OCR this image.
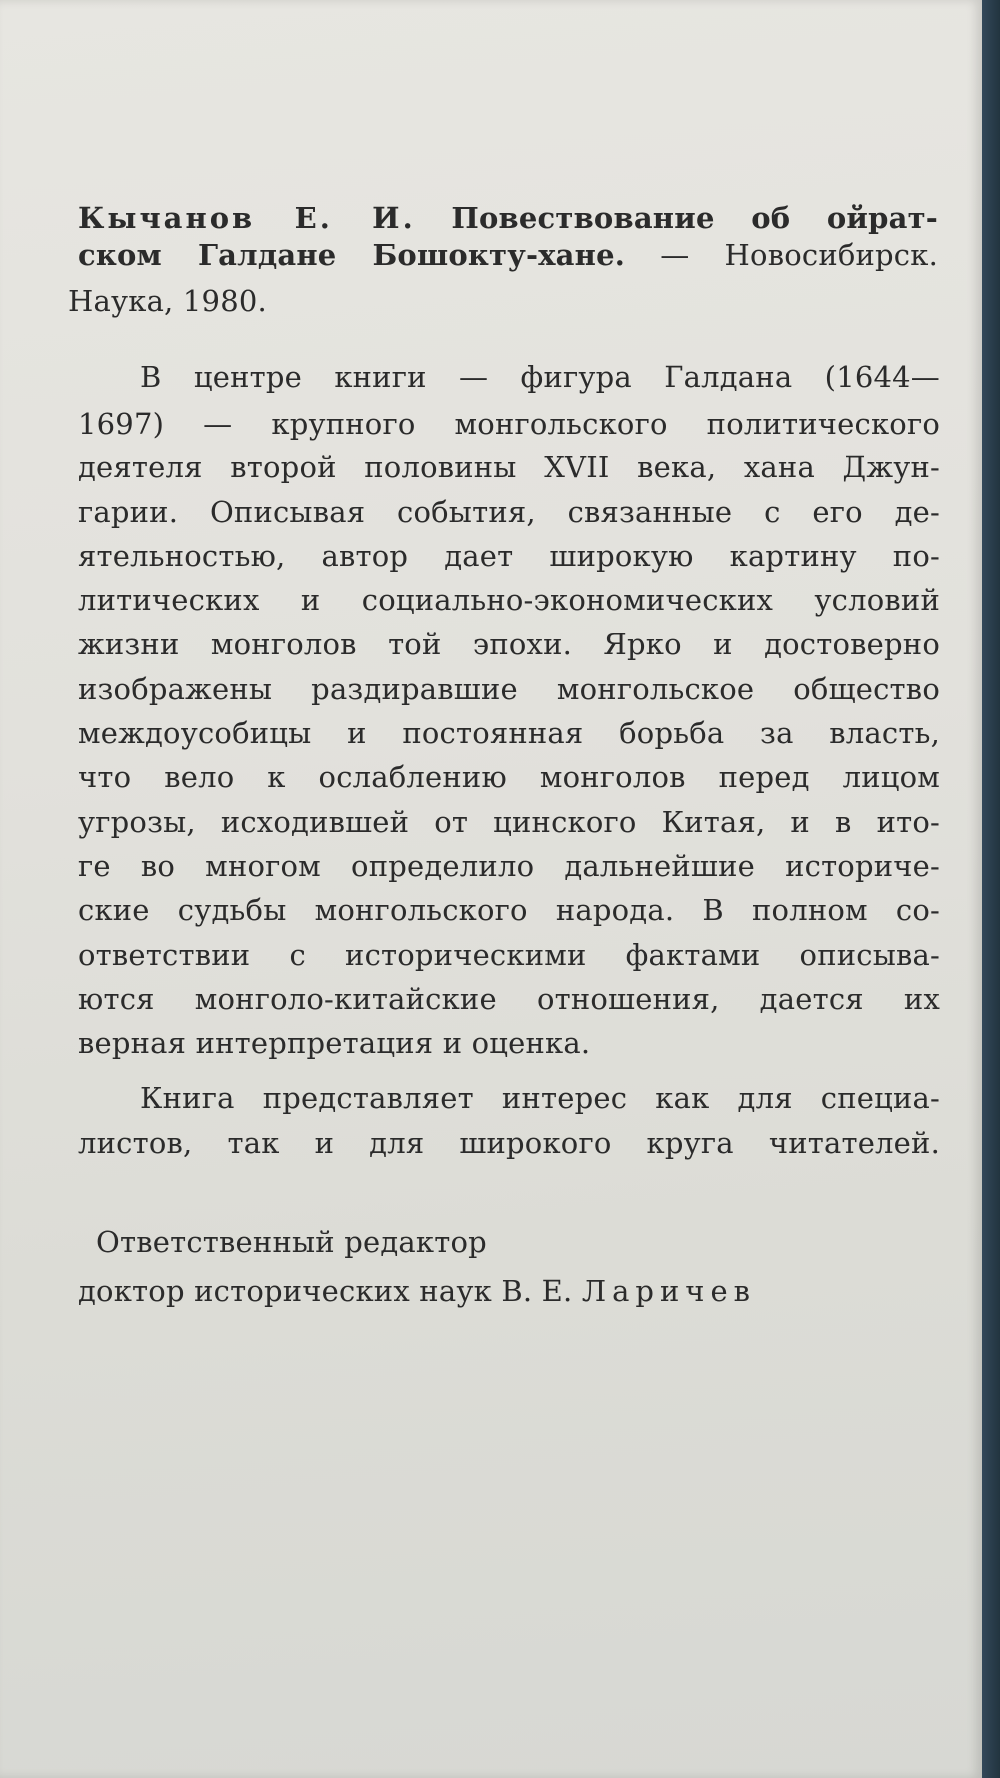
Кычанов Е. И. Повествование об ойрат-
ском Галдане Бошокту-хане. — Новосибирск.
Наука, 1980.
В центре книги — фигура Галдана (1644—
1697) — крупного монгольского политического
деятеля второй половины XVII века, хана Джун-
гарии. Описывая события, связанные с его де-
ятельностью, автор дает широкую картину по-
литических и социально-экономических условий
жизни монголов той эпохи. Ярко и достоверно
изображены раздиравшие монгольское общество
междоусобицы и постоянная борьба за власть,
что вело к ослаблению монголов перед лицом
угрозы, исходившей от цинского Китая, и в ито-
ге во многом определило дальнейшие историче-
ские судьбы монгольского народа. В полном со-
ответствии с историческими фактами описыва-
ются монголо-китайские отношения, дается их
верная интерпретация и оценка.
Книга представляет интерес как для специа-
листов, так и для широкого круга читателей.
Ответственный редактор
доктор исторических наук В. Е. Ларичев
